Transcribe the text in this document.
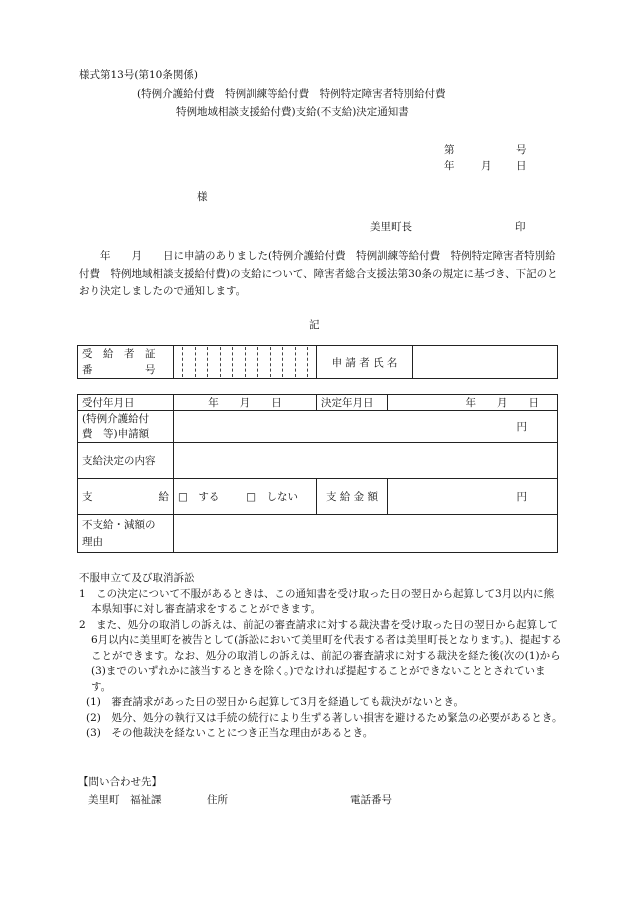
様式第13号(第10条関係)
(特例介護給付費　特例訓練等給付費　特例特定障害者特別給付費
特例地域相談支援給付費)支給(不支給)決定通知書
第	号
年	月 日
様
美里町長	印
　　年　　月　　日に申請のありました(特例介護給付費　特例訓練等給付費　特例特定障害者特別給付費　特例地域相談支援給付費)の支給について、障害者総合支援法第30条の規定に基づき、下記のとおり決定しましたので通知します。
記
受　給　者　証
番　　　　　号

	申 請 者 氏 名	
受付年月日	年　　月　　日	決定年月日	年　　月　　日

(特例介護給付
費　等)申請額	円		
支給決定の内容			

支 給	□　する □　しない	支 給 金 額	円

不支給・減額の
理由			

不服申立て及び取消訴訟
1　この決定について不服があるときは、この通知書を受け取った日の翌日から起算して3月以内に熊本県知事に対し審査請求をすることができます。
2　また、処分の取消しの訴えは、前記の審査請求に対する裁決書を受け取った日の翌日から起算して6月以内に美里町を被告として(訴訟において美里町を代表する者は美里町長となります。)、提起することができます。なお、処分の取消しの訴えは、前記の審査請求に対する裁決を経た後(次の(1)から(3)までのいずれかに該当するときを除く。)でなければ提起することができないこととされています。
(1)　審査請求があった日の翌日から起算して3月を経過しても裁決がないとき。
(2)　処分、処分の執行又は手続の続行により生ずる著しい損害を避けるため緊急の必要があるとき。
(3)　その他裁決を経ないことにつき正当な理由があるとき。
【問い合わせ先】
美里町　福祉課	住所	電話番号
